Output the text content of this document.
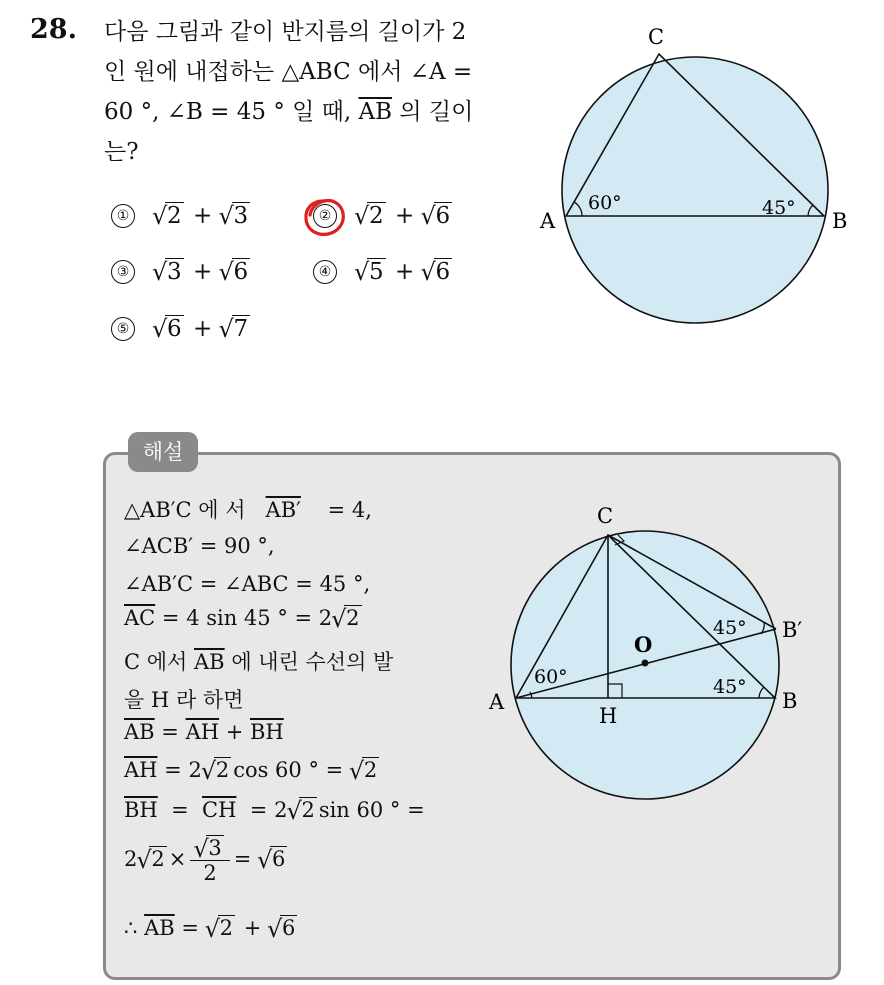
28. 다음 그림과 같이 반지름의 길이가 2
인 원에 내접하는 △ABC 에서 ∠A =
60 °, ∠B = 45 ° 일 때, $\overline{AB}$ 의 길이
는?
① √ 2 + √ 3	② √ 2 + √ 6
③ √ 3 + √ 6	④ √ 5 + √ 6
⑤ √ 6 + √ 7
A	B
C
60°	45°
해설
△AB′C 에 서 AB′ = 4,
∠ACB′ = 90 °,
∠AB′C = ∠ABC = 45 °,
$\overline{AC} = 4$ sin 45 ° = 2 √ 2
C 에서 $\overline{AB}$ 에 내린 수선의 발
을 H 라 하면
$\overline{AB} = \overline{AH} + \overline{BH}$
$\overline{AH} = 2$ √ 2 cos 60 ° = √ 2
$\overline{BH} = \overline{CH} = 2$ √ 2 sin 60 ° =
2 √ 2 × √ $\frac{3}{2}$ = √ 6
∴ $\overline{AB}$ = √ 2 + √ 6
A	B
C
B′
H
O
60°	45°
45°
